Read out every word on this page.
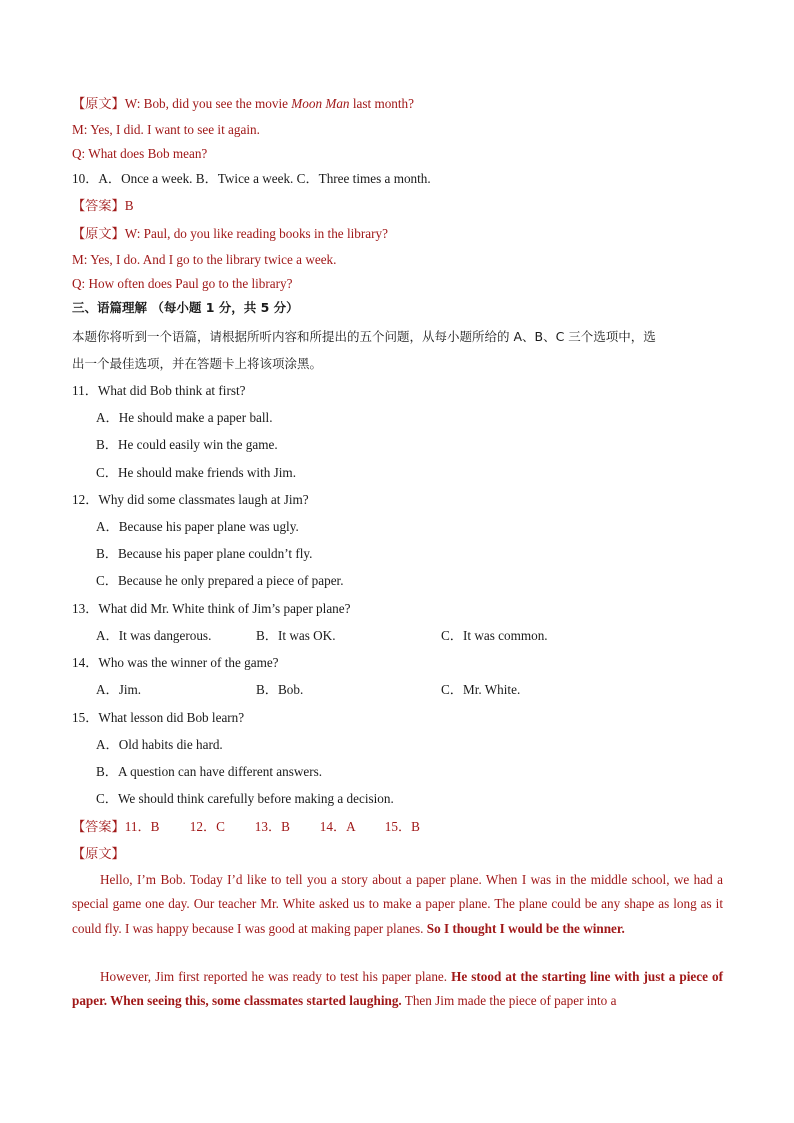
【原文】W: Bob, did you see the movie Moon Man last month?
M: Yes, I did. I want to see it again.
Q: What does Bob mean?
10．A．Once a week. B．Twice a week. C．Three times a month.
【答案】B
【原文】W: Paul, do you like reading books in the library?
M: Yes, I do. And I go to the library twice a week.
Q: How often does Paul go to the library?
三、语篇理解 （每小题 1 分，共 5 分）
本题你将听到一个语篇，请根据所听内容和所提出的五个问题，从每小题所给的 A、B、C 三个选项中，选
出一个最佳选项，并在答题卡上将该项涂黑。
11．What did Bob think at first?
A．He should make a paper ball.
B．He could easily win the game.
C．He should make friends with Jim.
12．Why did some classmates laugh at Jim?
A．Because his paper plane was ugly.
B．Because his paper plane couldn’t fly.
C．Because he only prepared a piece of paper.
13．What did Mr. White think of Jim’s paper plane?
A．It was dangerous.	B．It was OK.	C．It was common.
14．Who was the winner of the game?
A．Jim.	B．Bob.	C．Mr. White.
15．What lesson did Bob learn?
A．Old habits die hard.
B．A question can have different answers.
C．We should think carefully before making a decision.
【答案】11．B 12．C 13．B 14．A 15．B
【原文】
Hello, I’m Bob. Today I’d like to tell you a story about a paper plane. When I was in the middle school, we had a special game one day. Our teacher Mr. White asked us to make a paper plane. The plane could be any shape as long as it could fly. I was happy because I was good at making paper planes. So I thought I would be the winner.
However, Jim first reported he was ready to test his paper plane. He stood at the starting line with just a piece of paper. When seeing this, some classmates started laughing. Then Jim made the piece of paper into a
